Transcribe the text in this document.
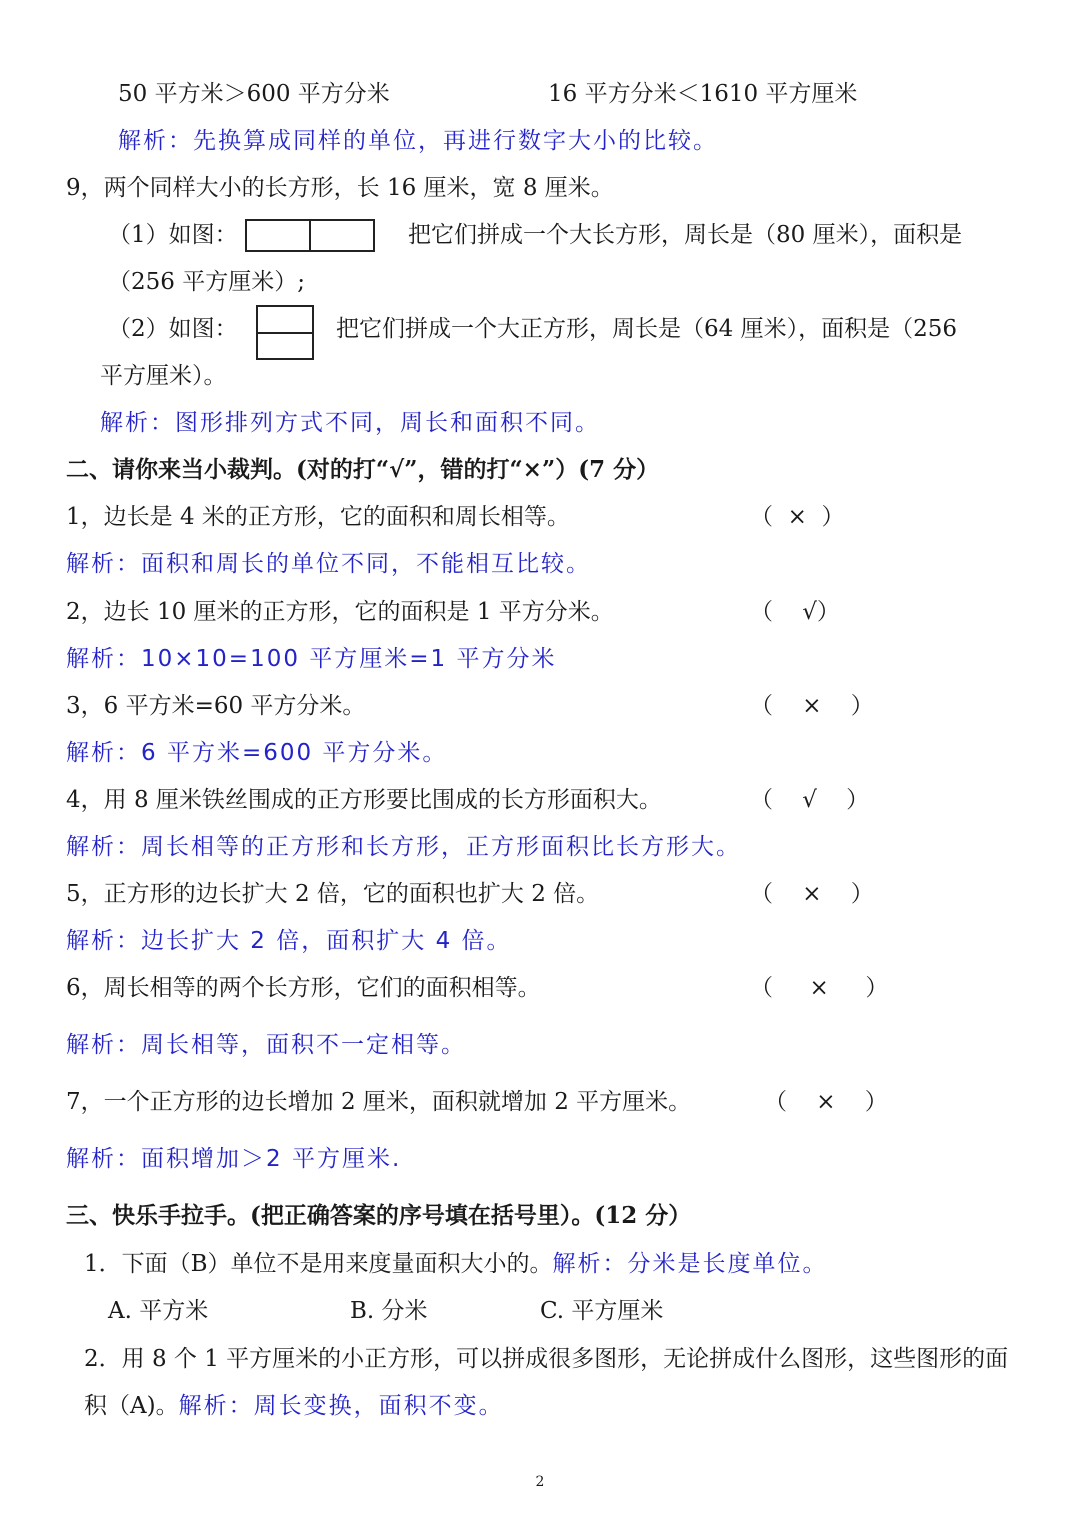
50 平方米＞600 平方分米	16 平方分米＜1610 平方厘米
解析：先换算成同样的单位，再进行数字大小的比较。
9，两个同样大小的长方形，长 16 厘米，宽 8 厘米。
（1）如图：	把它们拼成一个大长方形，周长是（80 厘米），面积是
（256 平方厘米）;
（2）如图：	把它们拼成一个大正方形，周长是（64 厘米），面积是（256
平方厘米）。
解析：图形排列方式不同，周长和面积不同。
二、请你来当小裁判。(对的打“√”，错的打“×”）(7 分）
1，边长是 4 米的正方形，它的面积和周长相等。	（  ×  ）
解析：面积和周长的单位不同，不能相互比较。
2，边长 10 厘米的正方形，它的面积是 1 平方分米。	（    √）
解析：10×10=100 平方厘米=1 平方分米
3，6 平方米=60 平方分米。	（    ×    ）
解析：6 平方米=600 平方分米。
4，用 8 厘米铁丝围成的正方形要比围成的长方形面积大。	（    √    ）
解析：周长相等的正方形和长方形，正方形面积比长方形大。
5，正方形的边长扩大 2 倍，它的面积也扩大 2 倍。	（    ×    ）
解析：边长扩大 2 倍，面积扩大 4 倍。
6，周长相等的两个长方形，它们的面积相等。	（     ×     ）
解析：周长相等，面积不一定相等。
7，一个正方形的边长增加 2 厘米，面积就增加 2 平方厘米。	（    ×    ）
解析：面积增加＞2 平方厘米.
三、快乐手拉手。(把正确答案的序号填在括号里）。(12 分）
1．下面（B）单位不是用来度量面积大小的。解析：分米是长度单位。
A. 平方米	B. 分米	C. 平方厘米
2．用 8 个 1 平方厘米的小正方形，可以拼成很多图形，无论拼成什么图形，这些图形的面
积（A)。解析：周长变换，面积不变。
2
